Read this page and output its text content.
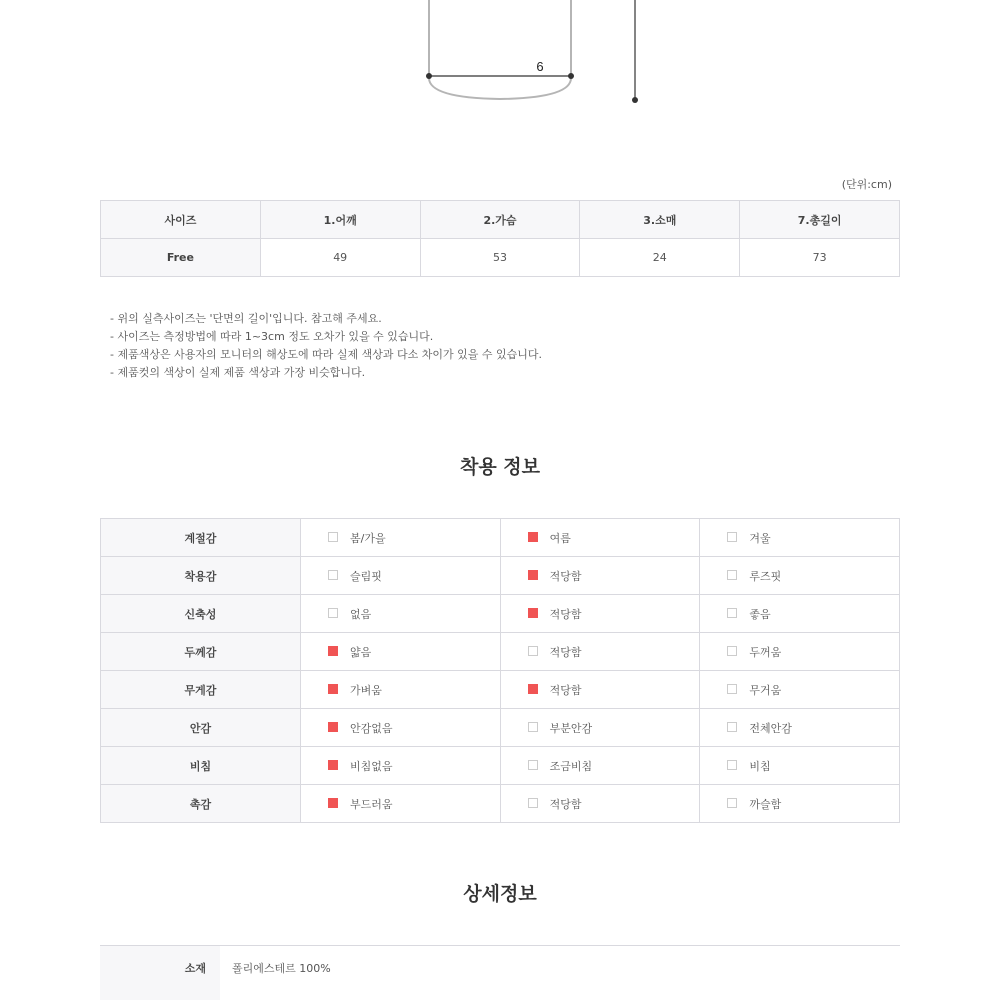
6
(단위:cm)
사이즈	1.어깨	2.가슴	3.소매	7.총길이
Free	49	53	24	73
- 위의 실측사이즈는 '단면의 길이'입니다. 참고해 주세요.
- 사이즈는 측정방법에 따라 1~3cm 정도 오차가 있을 수 있습니다.
- 제품색상은 사용자의 모니터의 해상도에 따라 실제 색상과 다소 차이가 있을 수 있습니다.
- 제품컷의 색상이 실제 제품 색상과 가장 비슷합니다.
착용 정보
계절감	봄/가을	여름	겨울
착용감	슬림핏	적당함	루즈핏
신축성	없음	적당함	좋음
두께감	얇음	적당함	두꺼움
무게감	가벼움	적당함	무거움
안감	안감없음	부분안감	전체안감
비침	비침없음	조금비침	비침
촉감	부드러움	적당함	까슬함
상세정보
소재	폴리에스테르 100%
